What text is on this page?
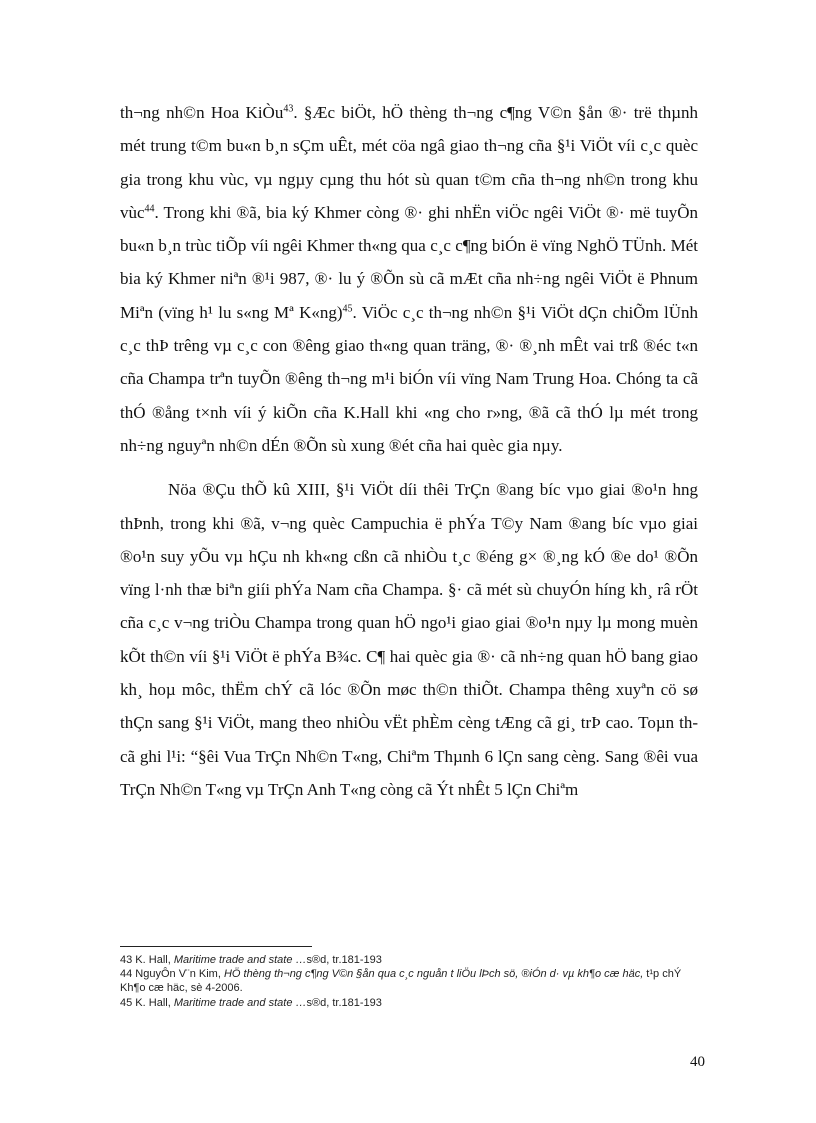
th¬ng nh©n Hoa KiÒu$^{43}$. §Æc biÖt, hÖ thèng th¬ng c¶ng V©n §ån ®· trë thµnh mét trung t©m bu«n b¸n sÇm uÊt, mét cöa ngâ giao th¬ng cña §¹i ViÖt víi c¸c quèc gia trong khu vùc, vµ ngµy cµng thu hót sù quan t©m cña th¬ng nh©n trong khu vùc$^{44}$. Trong khi ®ã, bia ký Khmer còng ®· ghi nhËn viÖc ngêi ViÖt ®· më tuyÕn bu«n b¸n trùc tiÕp víi ngêi Khmer th«ng qua c¸c c¶ng biÓn ë vïng NghÖ TÜnh. Mét bia ký Khmer niªn ®¹i 987, ®· lu ý ®Õn sù cã mÆt cña nh÷ng ngêi ViÖt ë Phnum Miªn (vïng h¹ lu s«ng Mª K«ng)$^{45}$. ViÖc c¸c th¬ng nh©n §¹i ViÖt dÇn chiÕm lÜnh c¸c thÞ trêng vµ c¸c con ®êng giao th«ng quan träng, ®· ®¸nh mÊt vai trß ®éc t«n cña Champa trªn tuyÕn ®êng th¬ng m¹i biÓn víi vïng Nam Trung Hoa. Chóng ta cã thÓ ®ång t×nh víi ý kiÕn cña K.Hall khi «ng cho r»ng, ®ã cã thÓ lµ mét trong nh÷ng nguyªn nh©n dÉn ®Õn sù xung ®ét cña hai quèc gia nµy.

Nöa ®Çu thÕ kû XIII, §¹i ViÖt díi thêi TrÇn ®ang bíc vµo giai ®o¹n hng thÞnh, trong khi ®ã, v¬ng quèc Campuchia ë phÝa T©y Nam ®ang bíc vµo giai ®o¹n suy yÕu vµ hÇu nh kh«ng cßn cã nhiÒu t¸c ®éng g× ®¸ng kÓ ®e do¹ ®Õn vïng l·nh thæ biªn giíi phÝa Nam cña Champa. §· cã mét sù chuyÓn híng kh¸ râ rÖt cña c¸c v¬ng triÒu Champa trong quan hÖ ngo¹i giao giai ®o¹n nµy lµ mong muèn kÕt th©n víi §¹i ViÖt ë phÝa B¾c. C¶ hai quèc gia ®· cã nh÷ng quan hÖ bang giao kh¸ hoµ môc, thËm chÝ cã lóc ®Õn møc th©n thiÕt. Champa thêng xuyªn cö sø thÇn sang §¹i ViÖt, mang theo nhiÒu vËt phÈm cèng tÆng cã gi¸ trÞ cao. Toµn th cã ghi l¹i: “§êi Vua TrÇn Nh©n T«ng, Chiªm Thµnh 6 lÇn sang cèng. Sang ®êi vua TrÇn Nh©n T«ng vµ TrÇn Anh T«ng còng cã Ýt nhÊt 5 lÇn Chiªm

43 K. Hall, Maritime trade and state …s®d, tr.181-193
44 NguyÔn V¨n Kim, HÖ thèng th¬ng c¶ng V©n §ån qua c¸c nguån t liÖu lÞch sö, ®iÓn d· vµ kh¶o cæ häc, t¹p chÝ Kh¶o cæ häc, sè 4-2006.
45 K. Hall, Maritime trade and state …s®d, tr.181-193
40
